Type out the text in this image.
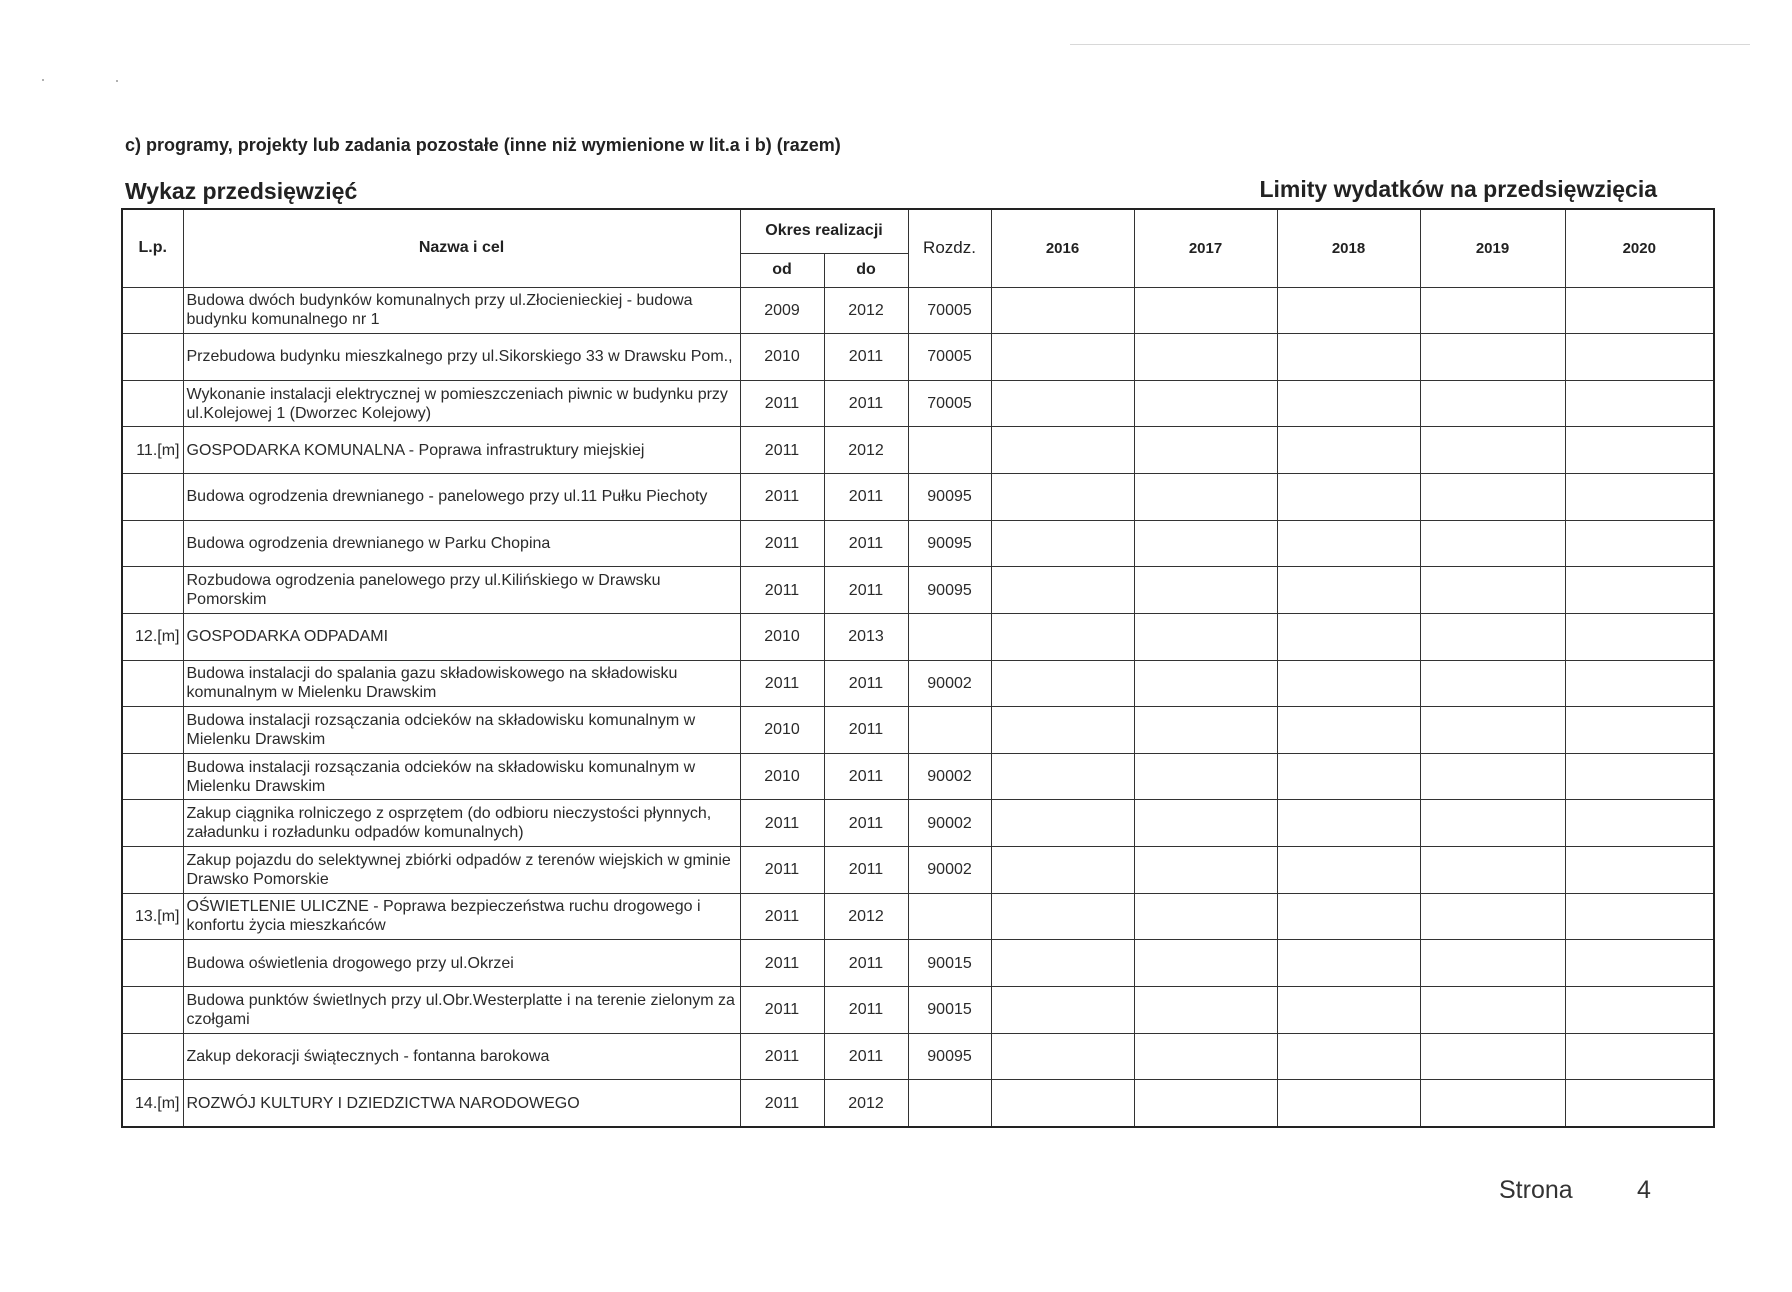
c) programy, projekty lub zadania pozostałe (inne niż wymienione w lit.a i b) (razem)
Wykaz przedsięwzięć	Limity wydatków na przedsięwzięcia
L.p.	Nazwa i cel	Okres realizacji		Rozdz.	2016	2017	2018	2019	2020
		od	do						
	Budowa dwóch budynków komunalnych przy ul.Złocienieckiej - budowa budynku komunalnego nr 1	2009	2012	70005					
	Przebudowa budynku mieszkalnego przy ul.Sikorskiego 33 w Drawsku Pom.,	2010	2011	70005					
	Wykonanie instalacji elektrycznej w pomieszczeniach piwnic w budynku przy ul.Kolejowej 1 (Dworzec Kolejowy)	2011	2011	70005					
11.[m]	GOSPODARKA KOMUNALNA - Poprawa infrastruktury miejskiej	2011	2012						
	Budowa ogrodzenia drewnianego - panelowego przy ul.11 Pułku Piechoty	2011	2011	90095					
	Budowa ogrodzenia drewnianego w Parku Chopina	2011	2011	90095					
	Rozbudowa ogrodzenia panelowego przy ul.Kilińskiego w Drawsku Pomorskim	2011	2011	90095					
12.[m]	GOSPODARKA ODPADAMI	2010	2013						
	Budowa instalacji do spalania gazu składowiskowego na składowisku komunalnym w Mielenku Drawskim	2011	2011	90002					
	Budowa instalacji rozsączania odcieków na składowisku komunalnym w Mielenku Drawskim	2010	2011						
	Budowa instalacji rozsączania odcieków na składowisku komunalnym w Mielenku Drawskim	2010	2011	90002					
	Zakup ciągnika rolniczego z osprzętem (do odbioru nieczystości płynnych, załadunku i rozładunku odpadów komunalnych)	2011	2011	90002					
	Zakup pojazdu do selektywnej zbiórki odpadów z terenów wiejskich w gminie Drawsko Pomorskie	2011	2011	90002					
13.[m]	OŚWIETLENIE ULICZNE - Poprawa bezpieczeństwa ruchu drogowego i konfortu życia mieszkańców	2011	2012						
	Budowa oświetlenia drogowego przy ul.Okrzei	2011	2011	90015					
	Budowa punktów świetlnych przy ul.Obr.Westerplatte i na terenie zielonym za czołgami	2011	2011	90015					
	Zakup dekoracji świątecznych - fontanna barokowa	2011	2011	90095					
14.[m]	ROZWÓJ KULTURY I DZIEDZICTWA NARODOWEGO	2011	2012						
Strona	4
